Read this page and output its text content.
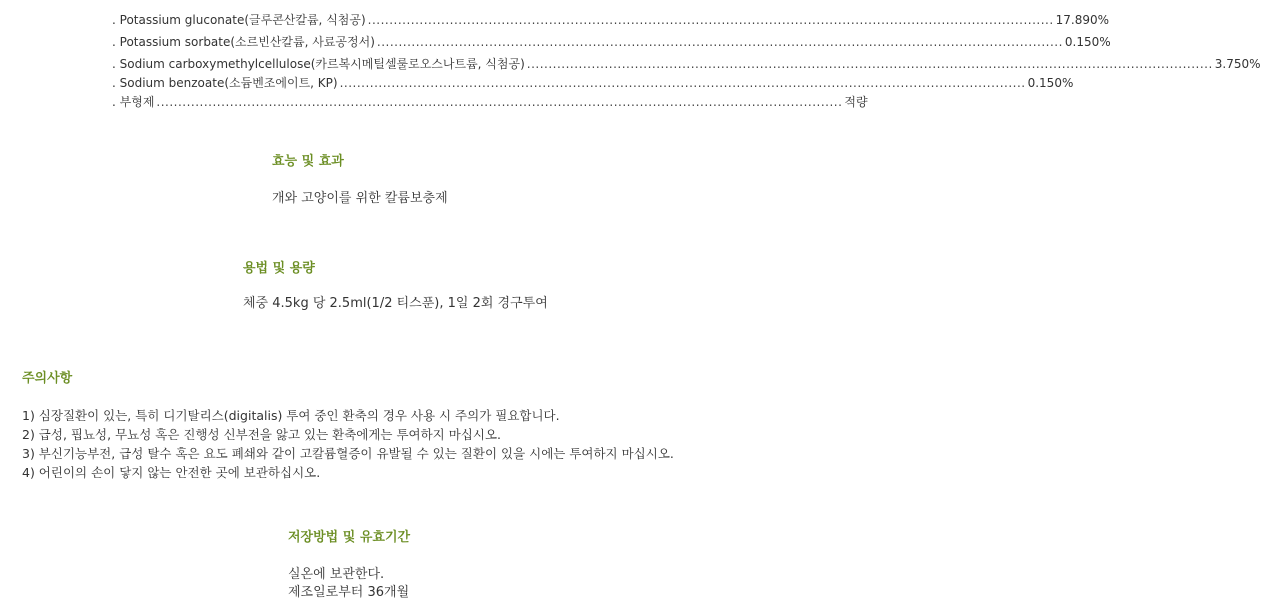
. Potassium gluconate(글루콘산칼륨, 식첨공) ............................................................................................................................................................... 17.890%
. Potassium sorbate(소르빈산칼륨, 사료공정서) ............................................................................................................................................................... 0.150%
. Sodium carboxymethylcellulose(카르복시메틸셀룰로오스나트륨, 식첨공) ............................................................................................................................................................... 3.750%
. Sodium benzoate(소듐벤조에이트, KP) ............................................................................................................................................................... 0.150%
. 부형제 ............................................................................................................................................................... 적량
효능 및 효과
개와 고양이를 위한 칼륨보충제
용법 및 용량
체중 4.5kg 당 2.5ml(1/2 티스푼), 1일 2회 경구투여
주의사항
1) 심장질환이 있는, 특히 디기탈리스(digitalis) 투여 중인 환축의 경우 사용 시 주의가 필요합니다.
2) 급성, 핍뇨성, 무뇨성 혹은 진행성 신부전을 앓고 있는 환축에게는 투여하지 마십시오.
3) 부신기능부전, 급성 탈수 혹은 요도 폐쇄와 같이 고칼륨혈증이 유발될 수 있는 질환이 있을 시에는 투여하지 마십시오.
4) 어린이의 손이 닿지 않는 안전한 곳에 보관하십시오.
저장방법 및 유효기간
실온에 보관한다.
제조일로부터 36개월
